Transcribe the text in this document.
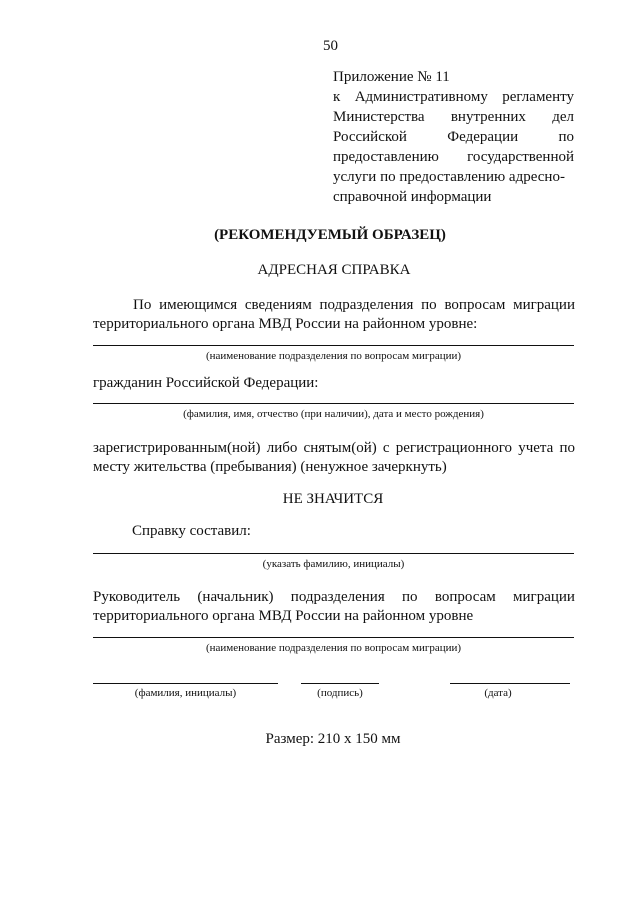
50
Приложение № 11
к Административному регламенту
Министерства внутренних дел
Российской	Федерации	по
предоставлению государственной
услуги по предоставлению адресно-
справочной информации
(РЕКОМЕНДУЕМЫЙ ОБРАЗЕЦ)
АДРЕСНАЯ СПРАВКА
По имеющимся сведениям подразделения по вопросам миграции
территориального органа МВД России на районном уровне:
(наименование подразделения по вопросам миграции)
гражданин Российской Федерации:
(фамилия, имя, отчество (при наличии), дата и место рождения)
зарегистрированным(ной) либо снятым(ой) с регистрационного учета по
месту жительства (пребывания) (ненужное зачеркнуть)
НЕ ЗНАЧИТСЯ
Справку составил:
(указать фамилию, инициалы)
Руководитель (начальник) подразделения по вопросам миграции
территориального органа МВД России на районном уровне
(наименование подразделения по вопросам миграции)
(фамилия, инициалы)	(подпись)	(дата)
Размер: 210 х 150 мм
